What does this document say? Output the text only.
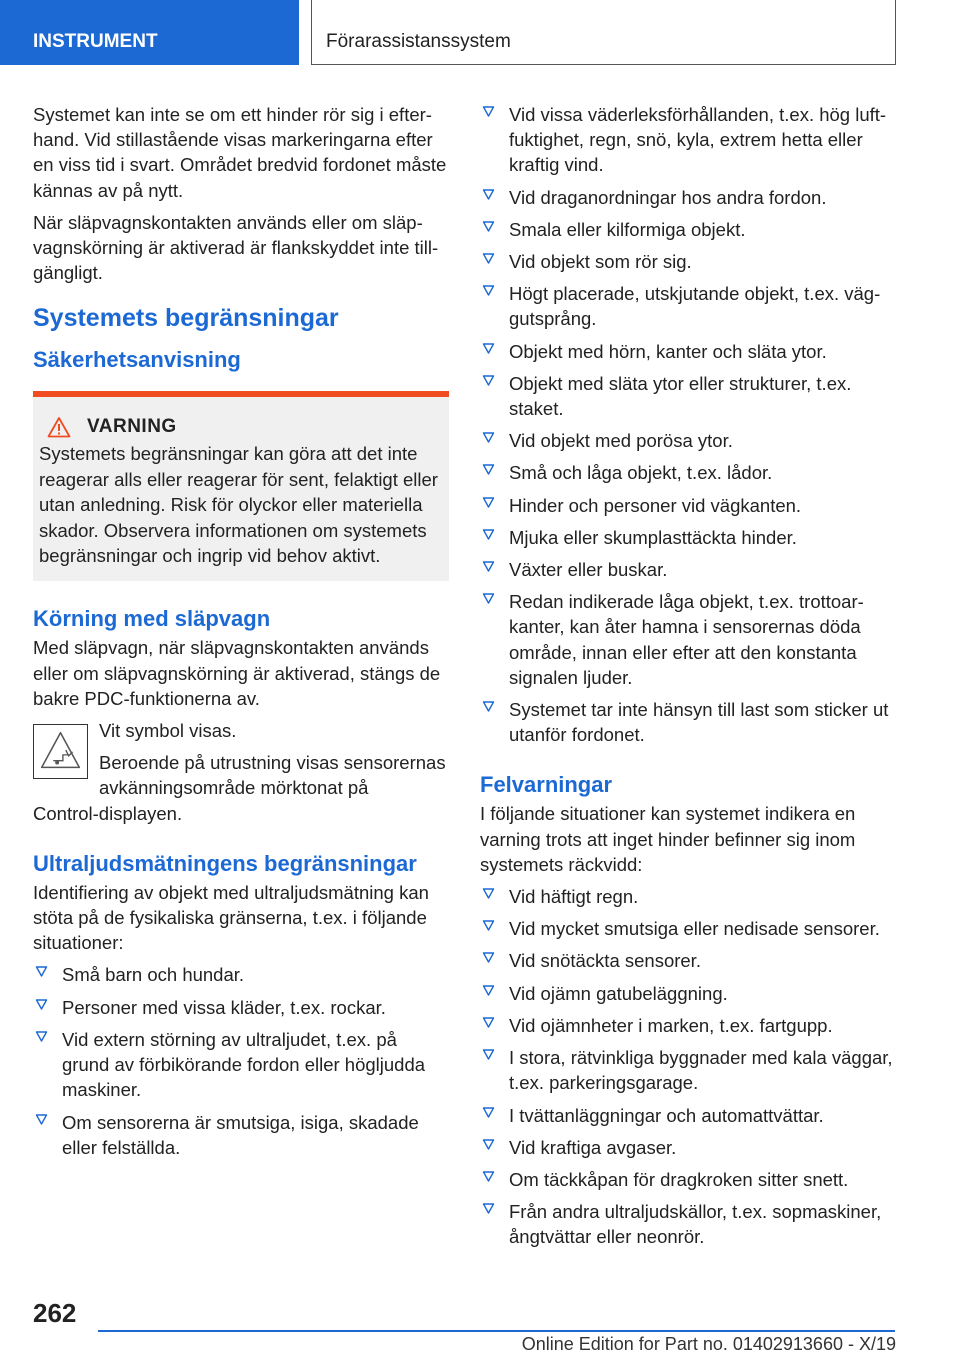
INSTRUMENT	Förarassistanssystem

Systemet kan inte se om ett hinder rör sig i efterhand. Vid stillastående visas markeringarna efter en viss tid i svart. Området bredvid fordonet måste kännas av på nytt.

När släpvagnskontakten används eller om släpvagnskörning är aktiverad är flankskyddet inte tillgängligt.

Systemets begränsningar
Säkerhetsanvisning
VARNING

Systemets begränsningar kan göra att det inte reagerar alls eller reagerar för sent, felaktigt eller utan anledning. Risk för olyckor eller materiella skador. Observera informationen om systemets begränsningar och ingrip vid behov aktivt.

Körning med släpvagn

Med släpvagn, när släpvagnskontakten används eller om släpvagnskörning är aktiverad, stängs de bakre PDC-funktionerna av.

Vit symbol visas.

Beroende på utrustning visas sensorernas avkänningsområde mörktonat på

Control-displayen.

Ultraljudsmätningens begränsningar

Identifiering av objekt med ultraljudsmätning kan stöta på de fysikaliska gränserna, t.ex. i följande situationer:

Små barn och hundar.
Personer med vissa kläder, t.ex. rockar.
Vid extern störning av ultraljudet, t.ex. på grund av förbikörande fordon eller högljudda maskiner.
Om sensorerna är smutsiga, isiga, skadade eller felställda.
Vid vissa väderleksförhållanden, t.ex. hög luftfuktighet, regn, snö, kyla, extrem hetta eller kraftig vind.
Vid draganordningar hos andra fordon.
Smala eller kilformiga objekt.
Vid objekt som rör sig.
Högt placerade, utskjutande objekt, t.ex. väggutsprång.
Objekt med hörn, kanter och släta ytor.
Objekt med släta ytor eller strukturer, t.ex. staket.
Vid objekt med porösa ytor.
Små och låga objekt, t.ex. lådor.
Hinder och personer vid vägkanten.
Mjuka eller skumplasttäckta hinder.
Växter eller buskar.
Redan indikerade låga objekt, t.ex. trottoarkanter, kan åter hamna i sensorernas döda område, innan eller efter att den konstanta signalen ljuder.
Systemet tar inte hänsyn till last som sticker ut utanför fordonet.
Felvarningar

I följande situationer kan systemet indikera en varning trots att inget hinder befinner sig inom systemets räckvidd:

Vid häftigt regn.
Vid mycket smutsiga eller nedisade sensorer.
Vid snötäckta sensorer.
Vid ojämn gatubeläggning.
Vid ojämnheter i marken, t.ex. fartgupp.
I stora, rätvinkliga byggnader med kala väggar, t.ex. parkeringsgarage.
I tvättanläggningar och automattvättar.
Vid kraftiga avgaser.
Om täckkåpan för dragkroken sitter snett.
Från andra ultraljudskällor, t.ex. sopmaskiner, ångtvättar eller neonrör.
262
Online Edition for Part no. 01402913660 - X/19
